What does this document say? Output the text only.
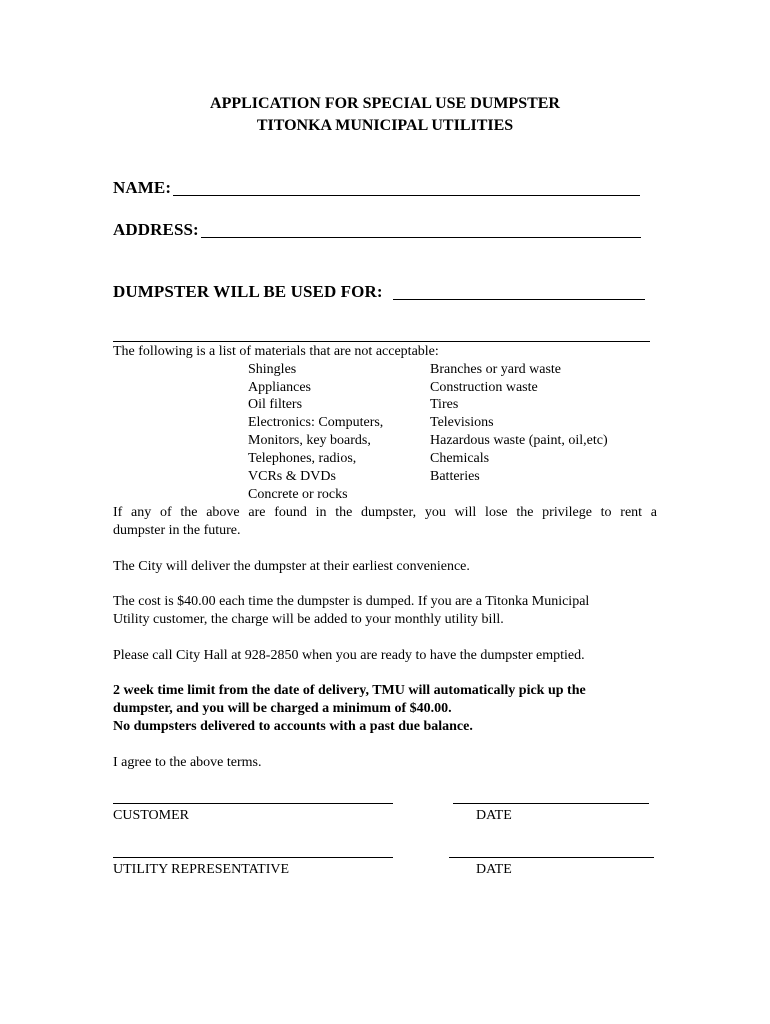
APPLICATION FOR SPECIAL USE DUMPSTER
TITONKA MUNICIPAL UTILITIES
NAME:
ADDRESS:
DUMPSTER WILL BE USED FOR:
The following is a list of materials that are not acceptable:
Shingles
Appliances
Oil filters
Electronics: Computers,
Monitors, key boards,
Telephones, radios,
VCRs & DVDs
Concrete or rocks
Branches or yard waste
Construction waste
Tires
Televisions
Hazardous waste (paint, oil,etc)
Chemicals
Batteries
If any of the above are found in the dumpster, you will lose the privilege to rent a
dumpster in the future.
The City will deliver the dumpster at their earliest convenience.
The cost is $40.00 each time the dumpster is dumped. If you are a Titonka Municipal
Utility customer, the charge will be added to your monthly utility bill.
Please call City Hall at 928-2850 when you are ready to have the dumpster emptied.
2 week time limit from the date of delivery, TMU will automatically pick up the
dumpster, and you will be charged a minimum of $40.00.
No dumpsters delivered to accounts with a past due balance.
I agree to the above terms.
CUSTOMER	DATE
UTILITY REPRESENTATIVE	DATE
